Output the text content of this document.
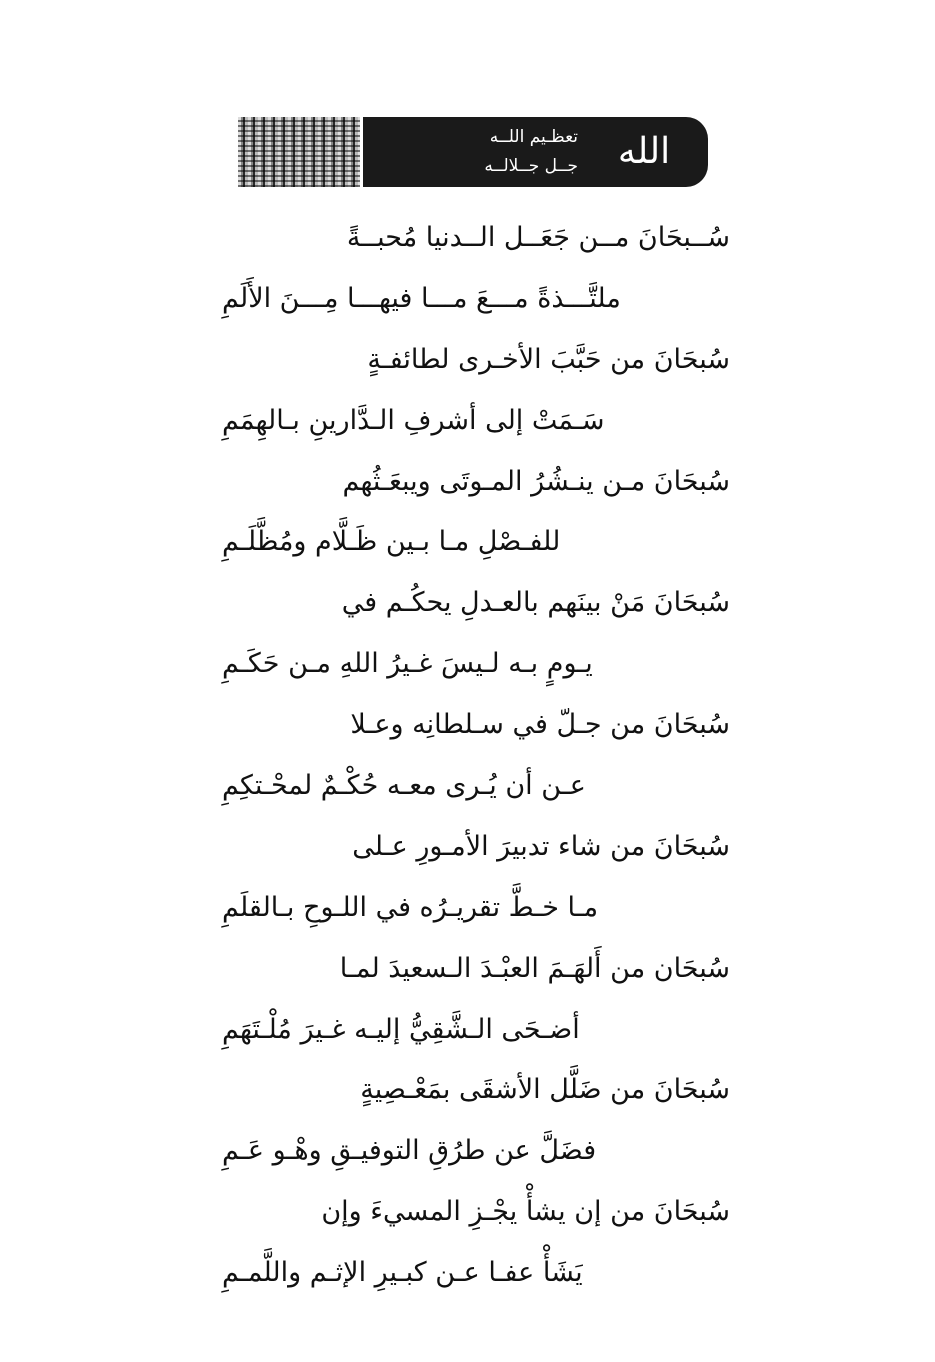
تعظـيم اللــه
جــل جــلالــه	الله
سُــبحَانَ مــن جَعَــل الــدنيا مُحبــةً
ملتَّـــذةً مـــعَ مـــا فيهـــا مِـــنَ الأَلَمِ
سُبحَانَ من حَبَّبَ الأخـرى لطائفـةٍ
سَـمَتْ إلى أشرفِ الـدَّارينِ بـالهِمَمِ
سُبحَانَ مـن ينـشُرُ المـوتَى ويبعَـثُهم
للفـصْلِ مـا بـين ظَـلَّام ومُظَّلَـمِ
سُبحَانَ مَنْ بينَهم بالعـدلِ يحكُـم في
يـومٍ بـه لـيسَ غـيرُ اللهِ مـن حَكَـمِ
سُبحَانَ من جـلّ في سـلطانِه وعـلا
عـن أن يُـرى معـه حُكْـمٌ لمحْـتكِمِ
سُبحَانَ من شاء تدبيرَ الأمـورِ عـلى
مـا خـطَّ تقريـرُه في اللـوحِ بـالقلَمِ
سُبحَان من أَلهَـمَ العبْـدَ الـسعيدَ لمـا
أضـحَى الـشَّقِيُّ إليـه غـيرَ مُلْـتَهَمِ
سُبحَانَ من ضَلَّل الأشقَى بمَعْـصِيةٍ
فضَلَّ عن طرُقِ التوفيـقِ وهْـو عَـمِ
سُبحَانَ من إن يشأْ يجْـزِ المسيءَ وإن
يَشَأْ عفـا عـن كبـيرِ الإثـم واللَّمـمِ
